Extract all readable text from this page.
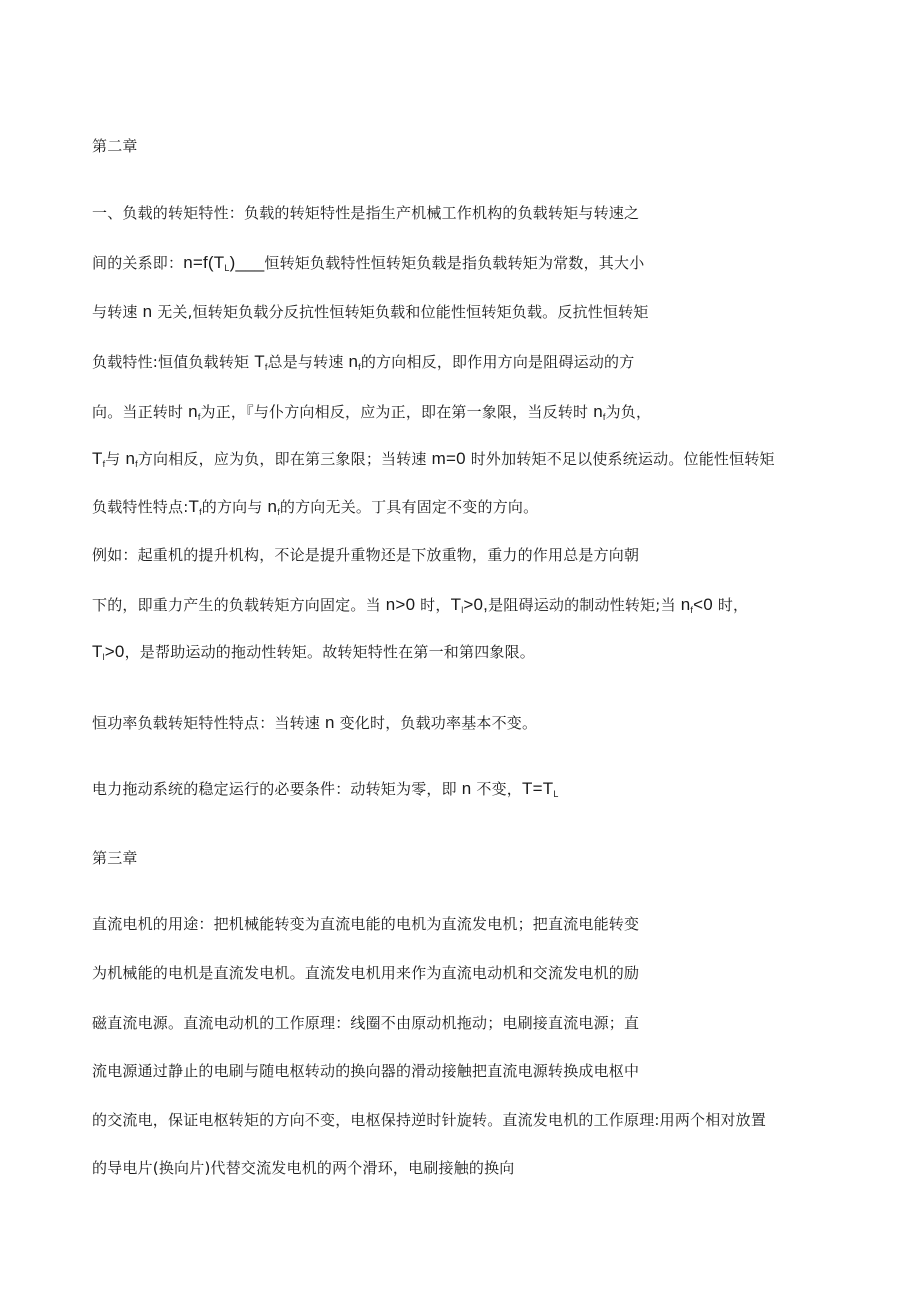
第二章

一、负载的转矩特性：负载的转矩特性是指生产机械工作机构的负载转矩与转速之

间的关系即：$n=f(T_L)\_\_\_$恒转矩负载特性恒转矩负载是指负载转矩为常数，其大小

与转速 n 无关,恒转矩负载分反抗性恒转矩负载和位能性恒转矩负载。反抗性恒转矩

负载特性:恒值负载转矩 $T_f$总是与转速 $n_f$的方向相反，即作用方向是阻碍运动的方

向。当正转时 $n_f$为正，『与仆方向相反，应为正，即在第一象限，当反转时 $n_f$为负，

$T_f$与 $n_f$方向相反，应为负，即在第三象限；当转速 m=0 时外加转矩不足以使系统运动。位能性恒转矩

负载特性特点$:T_f$的方向与 $n_f$的方向无关。丁具有固定不变的方向。

例如：起重机的提升机构，不论是提升重物还是下放重物，重力的作用总是方向朝

下的，即重力产生的负载转矩方向固定。当 n>0 时，$T_l>0$,是阻碍运动的制动性转矩;当 $n_f<0$ 时，

$T_l>0$，是帮助运动的拖动性转矩。故转矩特性在第一和第四象限。

恒功率负载转矩特性特点：当转速 n 变化时，负载功率基本不变。

电力拖动系统的稳定运行的必要条件：动转矩为零，即 n 不变，$T=T_L$

第三章

直流电机的用途：把机械能转变为直流电能的电机为直流发电机；把直流电能转变

为机械能的电机是直流发电机。直流发电机用来作为直流电动机和交流发电机的励

磁直流电源。直流电动机的工作原理：线圈不由原动机拖动；电刷接直流电源；直

流电源通过静止的电刷与随电枢转动的换向器的滑动接触把直流电源转换成电枢中

的交流电，保证电枢转矩的方向不变，电枢保持逆时针旋转。直流发电机的工作原理:用两个相对放置

的导电片(换向片)代替交流发电机的两个滑环，电刷接触的换向
